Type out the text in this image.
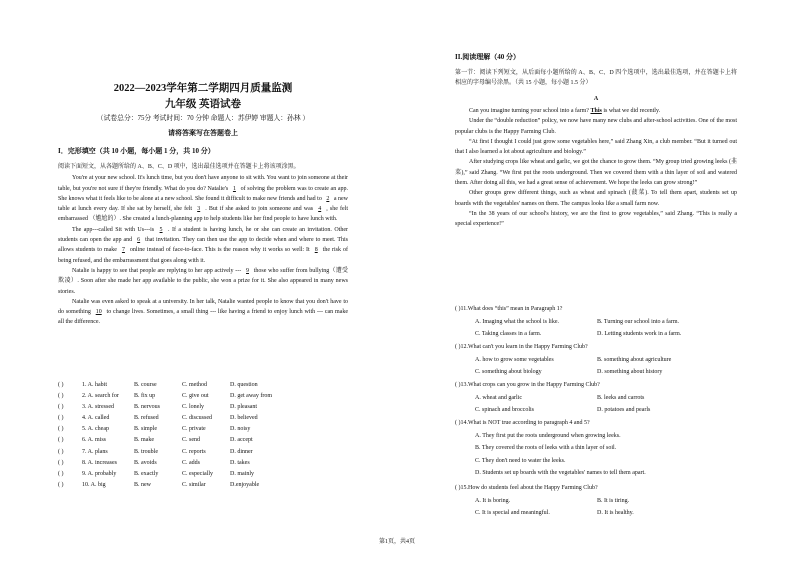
2022—2023学年第二学期四月质量监测
九年级 英语试卷
（试卷总分：75分 考试时间：70 分钟 命题人：苏伊婷 审题人：孙林 ）
请将答案写在答题卷上
I．完形填空（共 10 小题，每小题 1 分，共 10 分）

阅读下面短文，从各题所给的 A、B、C、D 项中，选出最佳选项并在答题卡上将该项涂黑。

You're at your new school. It's lunch time, but you don't have anyone to sit with. You want to join someone at their table, but you're not sure if they're friendly. What do you do? Natalie's 1 of solving the problem was to create an app. She knows what it feels like to be alone at a new school. She found it difficult to make new friends and had to 2 a new table at lunch every day. If she sat by herself, she felt 3 . But if she asked to join someone and was 4 , she felt embarrassed （尴尬的）. She created a lunch-planning app to help students like her find people to have lunch with.

The app---called Sit with Us---is 5 . If a student is having lunch, he or she can create an invitation. Other students can open the app and 6 that invitation. They can then use the app to decide when and where to meet. This allows students to make 7 online instead of face-to-face. This is the reason why it works so well: It 8 the risk of being refused, and the embarrassment that goes along with it.

Natalie is happy to see that people are replying to her app actively --- 9 those who suffer from bullying（遭受欺凌）. Soon after she made her app available to the public, she won a prize for it. She also appeared in many news stories.

Natalie was even asked to speak at a university. In her talk, Natalie wanted people to know that you don't have to do something 10 to change lives. Sometimes, a small thing --- like having a friend to enjoy lunch with --- can make all the difference.

( )	1. A. habit	B. course	C. method	D. question
( )	2. A. search for	B. fix up	C. give out	D. get away from
( )	3. A. stressed	B. nervous	C. lonely	D. pleasant
( )	4. A. called	B. refused	C. discussed	D. believed
( )	5. A. cheap	B. simple	C. private	D. noisy
( )	6. A. miss	B. make	C. send	D. accept
( )	7. A. plans	B. trouble	C. reports	D. dinner
( )	8. A. increases	B. avoids	C. adds	D. takes
( )	9. A. probably	B. exactly	C. especially	D. mainly
( )	10. A. big	B. new	C. similar	D.enjoyable
II.阅读理解（40 分）
第一节：阅读下列短文，从后面每小题所给的 A、B、C、D 四个选项中，选出最佳选项，并在答题卡上将相应的字母编号涂黑。（共 15 小题，每小题 1.5 分）
A

Can you imagine turning your school into a farm? This is what we did recently.

Under the “double reduction” policy, we now have many new clubs and after-school activities. One of the most popular clubs is the Happy Farming Club.

“At first I thought I could just grow some vegetables here,” said Zhang Xin, a club member. “But it turned out that I also learned a lot about agriculture and biology.”

After studying crops like wheat and garlic, we got the chance to grow them. “My group tried growing leeks (韭菜),” said Zhang. “We first put the roots underground. Then we covered them with a thin layer of soil and watered them. After doing all this, we had a great sense of achievement. We hope the leeks can grow strong!”

Other groups grew different things, such as wheat and spinach (菠菜). To tell them apart, students set up boards with the vegetables' names on them. The campus looks like a small farm now.

“In the 38 years of our school's history, we are the first to grow vegetables,” said Zhang. “This is really a special experience!”

( )11.What does “this” mean in Paragraph 1?
A. Imaging what the school is like.	B. Turning our school into a farm.
C. Taking classes in a farm.	D. Letting students work in a farm.
( )12.What can't you learn in the Happy Farming Club?
A. how to grow some vegetables	B. something about agriculture
C. something about biology	D. something about history
( )13.What crops can you grow in the Happy Farming Club?
A. wheat and garlic	B. leeks and carrots
C. spinach and broccolis	D. potatoes and pearls
( )14.What is NOT true according to paragraph 4 and 5?
A. They first put the roots underground when growing leeks.
B. They covered the roots of leeks with a thin layer of soil.
C. They don't need to water the leeks.
D. Students set up boards with the vegetables' names to tell them apart.
( )15.How do students feel about the Happy Farming Club?
A. It is boring.	B. It is tiring.
C. It is special and meaningful.	D. It is healthy.
第1页，共4页
